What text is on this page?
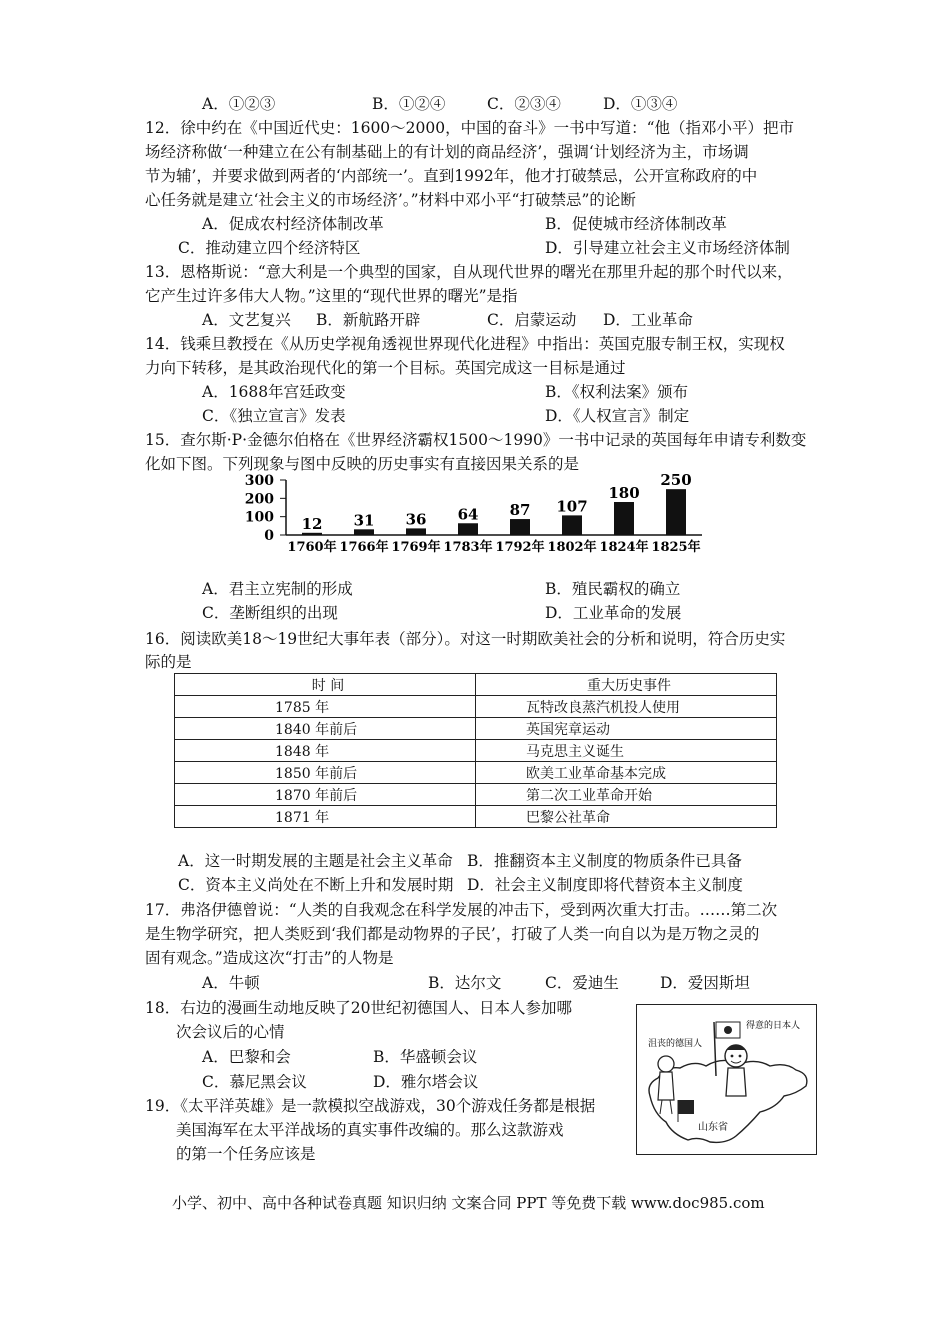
A．①②③	B．①②④	C．②③④	D．①③④
12．徐中约在《中国近代史：1600～2000，中国的奋斗》一书中写道：“他（指邓小平）把市
场经济称做‘一种建立在公有制基础上的有计划的商品经济’，强调‘计划经济为主，市场调
节为辅’，并要求做到两者的‘内部统一’。直到1992年，他才打破禁忌，公开宣称政府的中
心任务就是建立‘社会主义的市场经济’。”材料中邓小平“打破禁忌”的论断
A．促成农村经济体制改革	B．促使城市经济体制改革
C．推动建立四个经济特区	D．引导建立社会主义市场经济体制
13．恩格斯说：“意大利是一个典型的国家，自从现代世界的曙光在那里升起的那个时代以来，
它产生过许多伟大人物。”这里的“现代世界的曙光”是指
A．文艺复兴 B．新航路开辟	C．启蒙运动 D．工业革命
14．钱乘旦教授在《从历史学视角透视世界现代化进程》中指出：英国克服专制王权，实现权
力向下转移，是其政治现代化的第一个目标。英国完成这一目标是通过
A．1688年宫廷政变	B．《权利法案》颁布
C．《独立宣言》发表	D．《人权宣言》制定
15．查尔斯·P·金德尔伯格在《世界经济霸权1500～1990》一书中记录的英国每年申请专利数变
化如下图。下列现象与图中反映的历史事实有直接因果关系的是
0
100
200
300
12
1760年
31
1766年
36
1769年
64
1783年
87
1792年
107
1802年
180
1824年
250
1825年
A．君主立宪制的形成	B．殖民霸权的确立
C．垄断组织的出现	D．工业革命的发展
16．阅读欧美18～19世纪大事年表（部分）。对这一时期欧美社会的分析和说明，符合历史实
际的是
时 间	重大历史事件
1785 年	瓦特改良蒸汽机投人使用
1840 年前后	英国宪章运动
1848 年	马克思主义诞生
1850 年前后	欧美工业革命基本完成
1870 年前后	第二次工业革命开始
1871 年	巴黎公社革命
A．这一时期发展的主题是社会主义革命 B．推翻资本主义制度的物质条件已具备
C．资本主义尚处在不断上升和发展时期 D．社会主义制度即将代替资本主义制度
17．弗洛伊德曾说：“人类的自我观念在科学发展的冲击下，受到两次重大打击。……第二次
是生物学研究，把人类贬到‘我们都是动物界的子民’，打破了人类一向自以为是万物之灵的
固有观念。”造成这次“打击”的人物是
A．牛顿	B．达尔文	C．爱迪生	D．爱因斯坦
18．右边的漫画生动地反映了20世纪初德国人、日本人参加哪
次会议后的心情
A．巴黎和会	B．华盛顿会议
C．慕尼黑会议	D．雅尔塔会议
沮丧的德国人
得意的日本人
山东省
19．《太平洋英雄》是一款模拟空战游戏，30个游戏任务都是根据
美国海军在太平洋战场的真实事件改编的。那么这款游戏
的第一个任务应该是
小学、初中、高中各种试卷真题 知识归纳 文案合同 PPT 等免费下载 www.doc985.com
